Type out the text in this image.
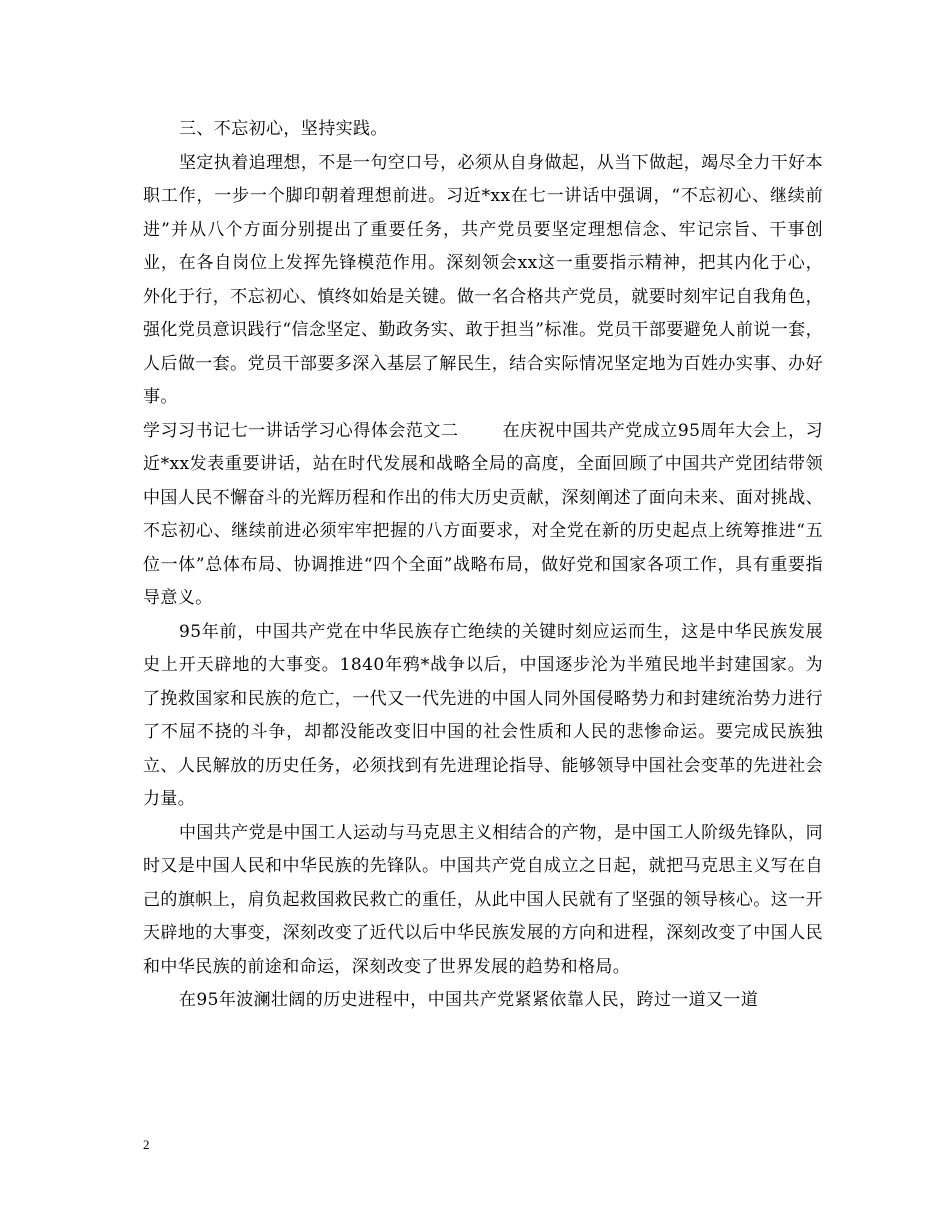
三、不忘初心，坚持实践。

坚定执着追理想，不是一句空口号，必须从自身做起，从当下做起，竭尽全力干好本职工作，一步一个脚印朝着理想前进。习近*xx在七一讲话中强调，“不忘初心、继续前进”并从八个方面分别提出了重要任务，共产党员要坚定理想信念、牢记宗旨、干事创业，在各自岗位上发挥先锋模范作用。深刻领会xx这一重要指示精神，把其内化于心，外化于行，不忘初心、慎终如始是关键。做一名合格共产党员，就要时刻牢记自我角色，强化党员意识践行“信念坚定、勤政务实、敢于担当”标准。党员干部要避免人前说一套，人后做一套。党员干部要多深入基层了解民生，结合实际情况坚定地为百姓办实事、办好事。

学习习书记七一讲话学习心得体会范文二	在庆祝中国共产党成立95周年大会上，习近*xx发表重要讲话，站在时代发展和战略全局的高度，全面回顾了中国共产党团结带领中国人民不懈奋斗的光辉历程和作出的伟大历史贡献，深刻阐述了面向未来、面对挑战、不忘初心、继续前进必须牢牢把握的八方面要求，对全党在新的历史起点上统筹推进“五位一体”总体布局、协调推进“四个全面”战略布局，做好党和国家各项工作，具有重要指导意义。

95年前，中国共产党在中华民族存亡绝续的关键时刻应运而生，这是中华民族发展史上开天辟地的大事变。1840年鸦*战争以后，中国逐步沦为半殖民地半封建国家。为了挽救国家和民族的危亡，一代又一代先进的中国人同外国侵略势力和封建统治势力进行了不屈不挠的斗争，却都没能改变旧中国的社会性质和人民的悲惨命运。要完成民族独立、人民解放的历史任务，必须找到有先进理论指导、能够领导中国社会变革的先进社会力量。

中国共产党是中国工人运动与马克思主义相结合的产物，是中国工人阶级先锋队，同时又是中国人民和中华民族的先锋队。中国共产党自成立之日起，就把马克思主义写在自己的旗帜上，肩负起救国救民救亡的重任，从此中国人民就有了坚强的领导核心。这一开天辟地的大事变，深刻改变了近代以后中华民族发展的方向和进程，深刻改变了中国人民和中华民族的前途和命运，深刻改变了世界发展的趋势和格局。

在95年波澜壮阔的历史进程中，中国共产党紧紧依靠人民，跨过一道又一道

2
